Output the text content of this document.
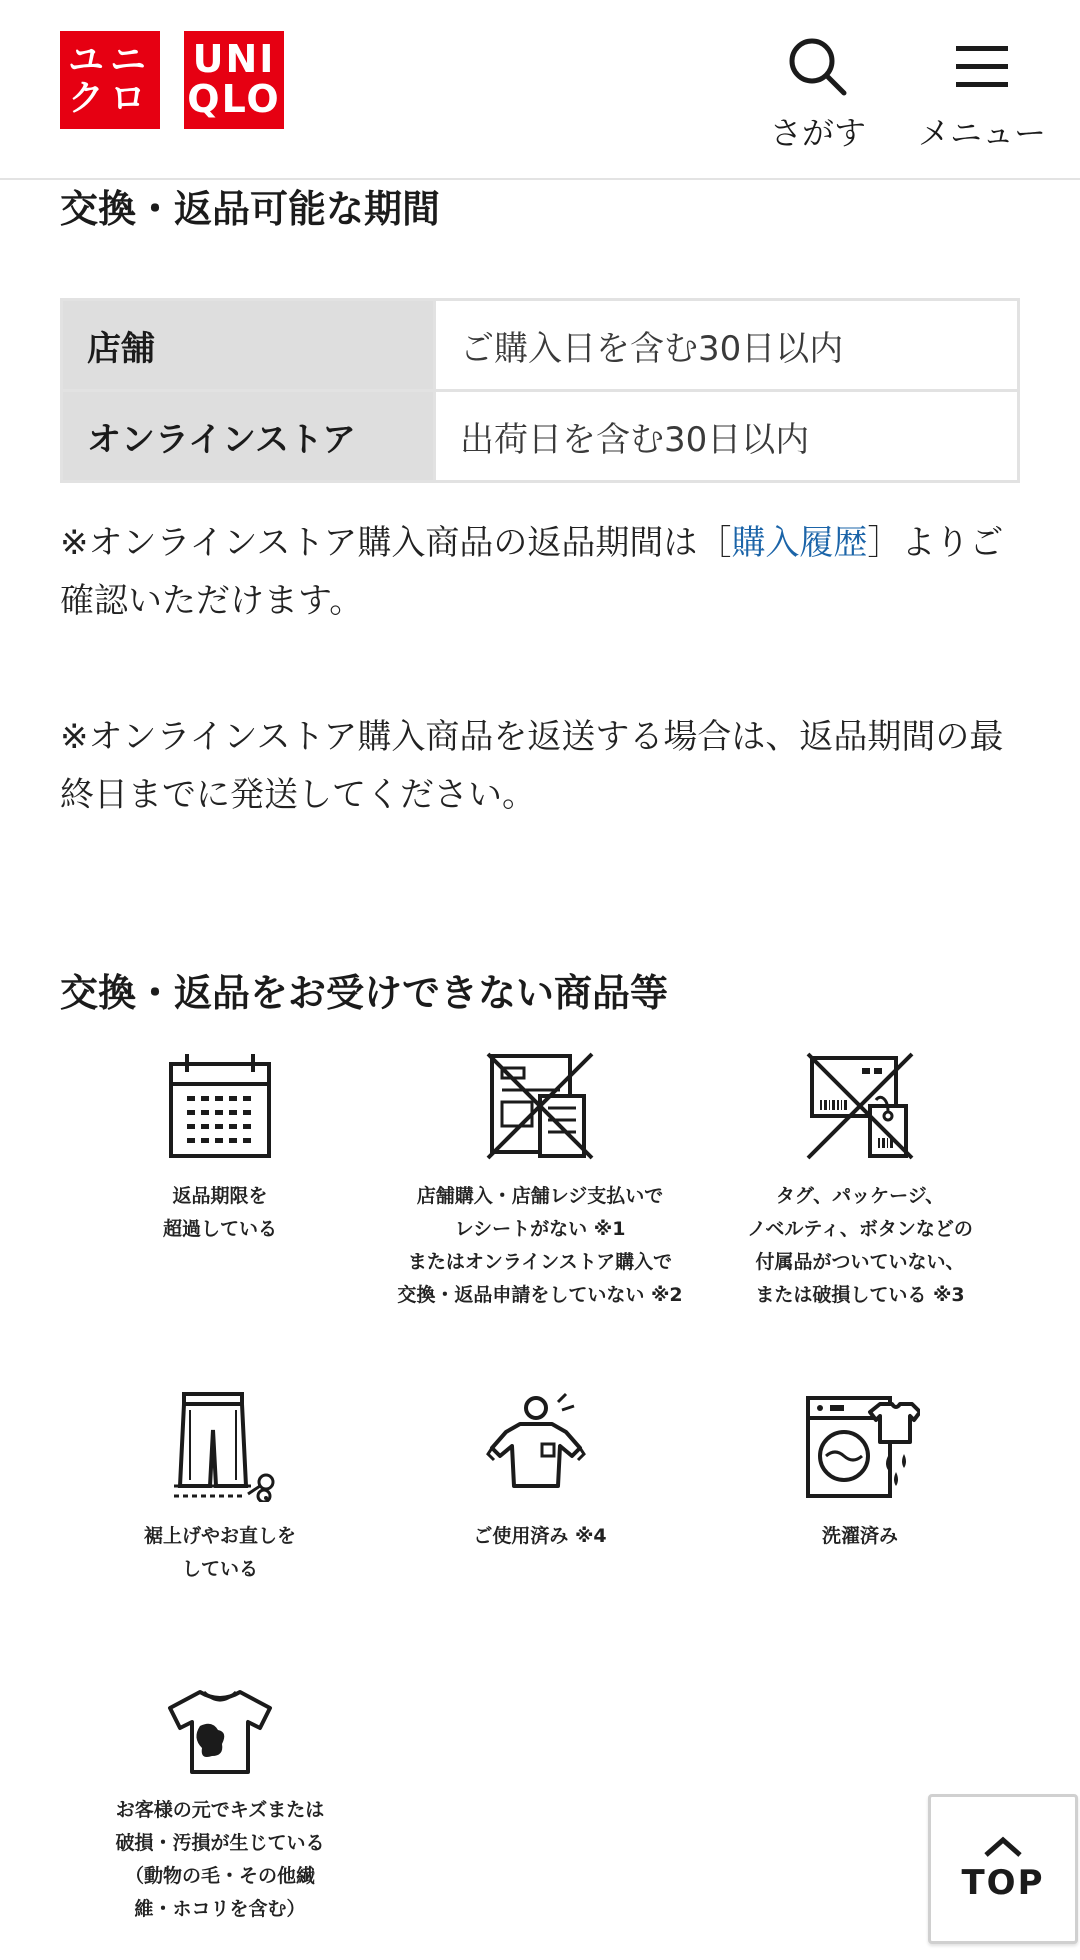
ユニ
クロ
UNI
QLO
さがす メニュー
交換・返品可能な期間
店舗	ご購入日を含む30日以内
オンラインストア	出荷日を含む30日以内

※オンラインストア購入商品の返品期間は［購入履歴］よりご確認いただけます。

※オンラインストア購入商品を返送する場合は、返品期間の最終日までに発送してください。

交換・返品をお受けできない商品等
返品期限を
超過している
店舗購入・店舗レジ支払いで
レシートがない ※1
またはオンラインストア購入で
交換・返品申請をしていない ※2
タグ、パッケージ、
ノベルティ、ボタンなどの
付属品がついていない、
または破損している ※3
裾上げやお直しを
している
ご使用済み ※4	洗濯済み
お客様の元でキズまたは
破損・汚損が生じている
（動物の毛・その他繊
維・ホコリを含む）
TOP
